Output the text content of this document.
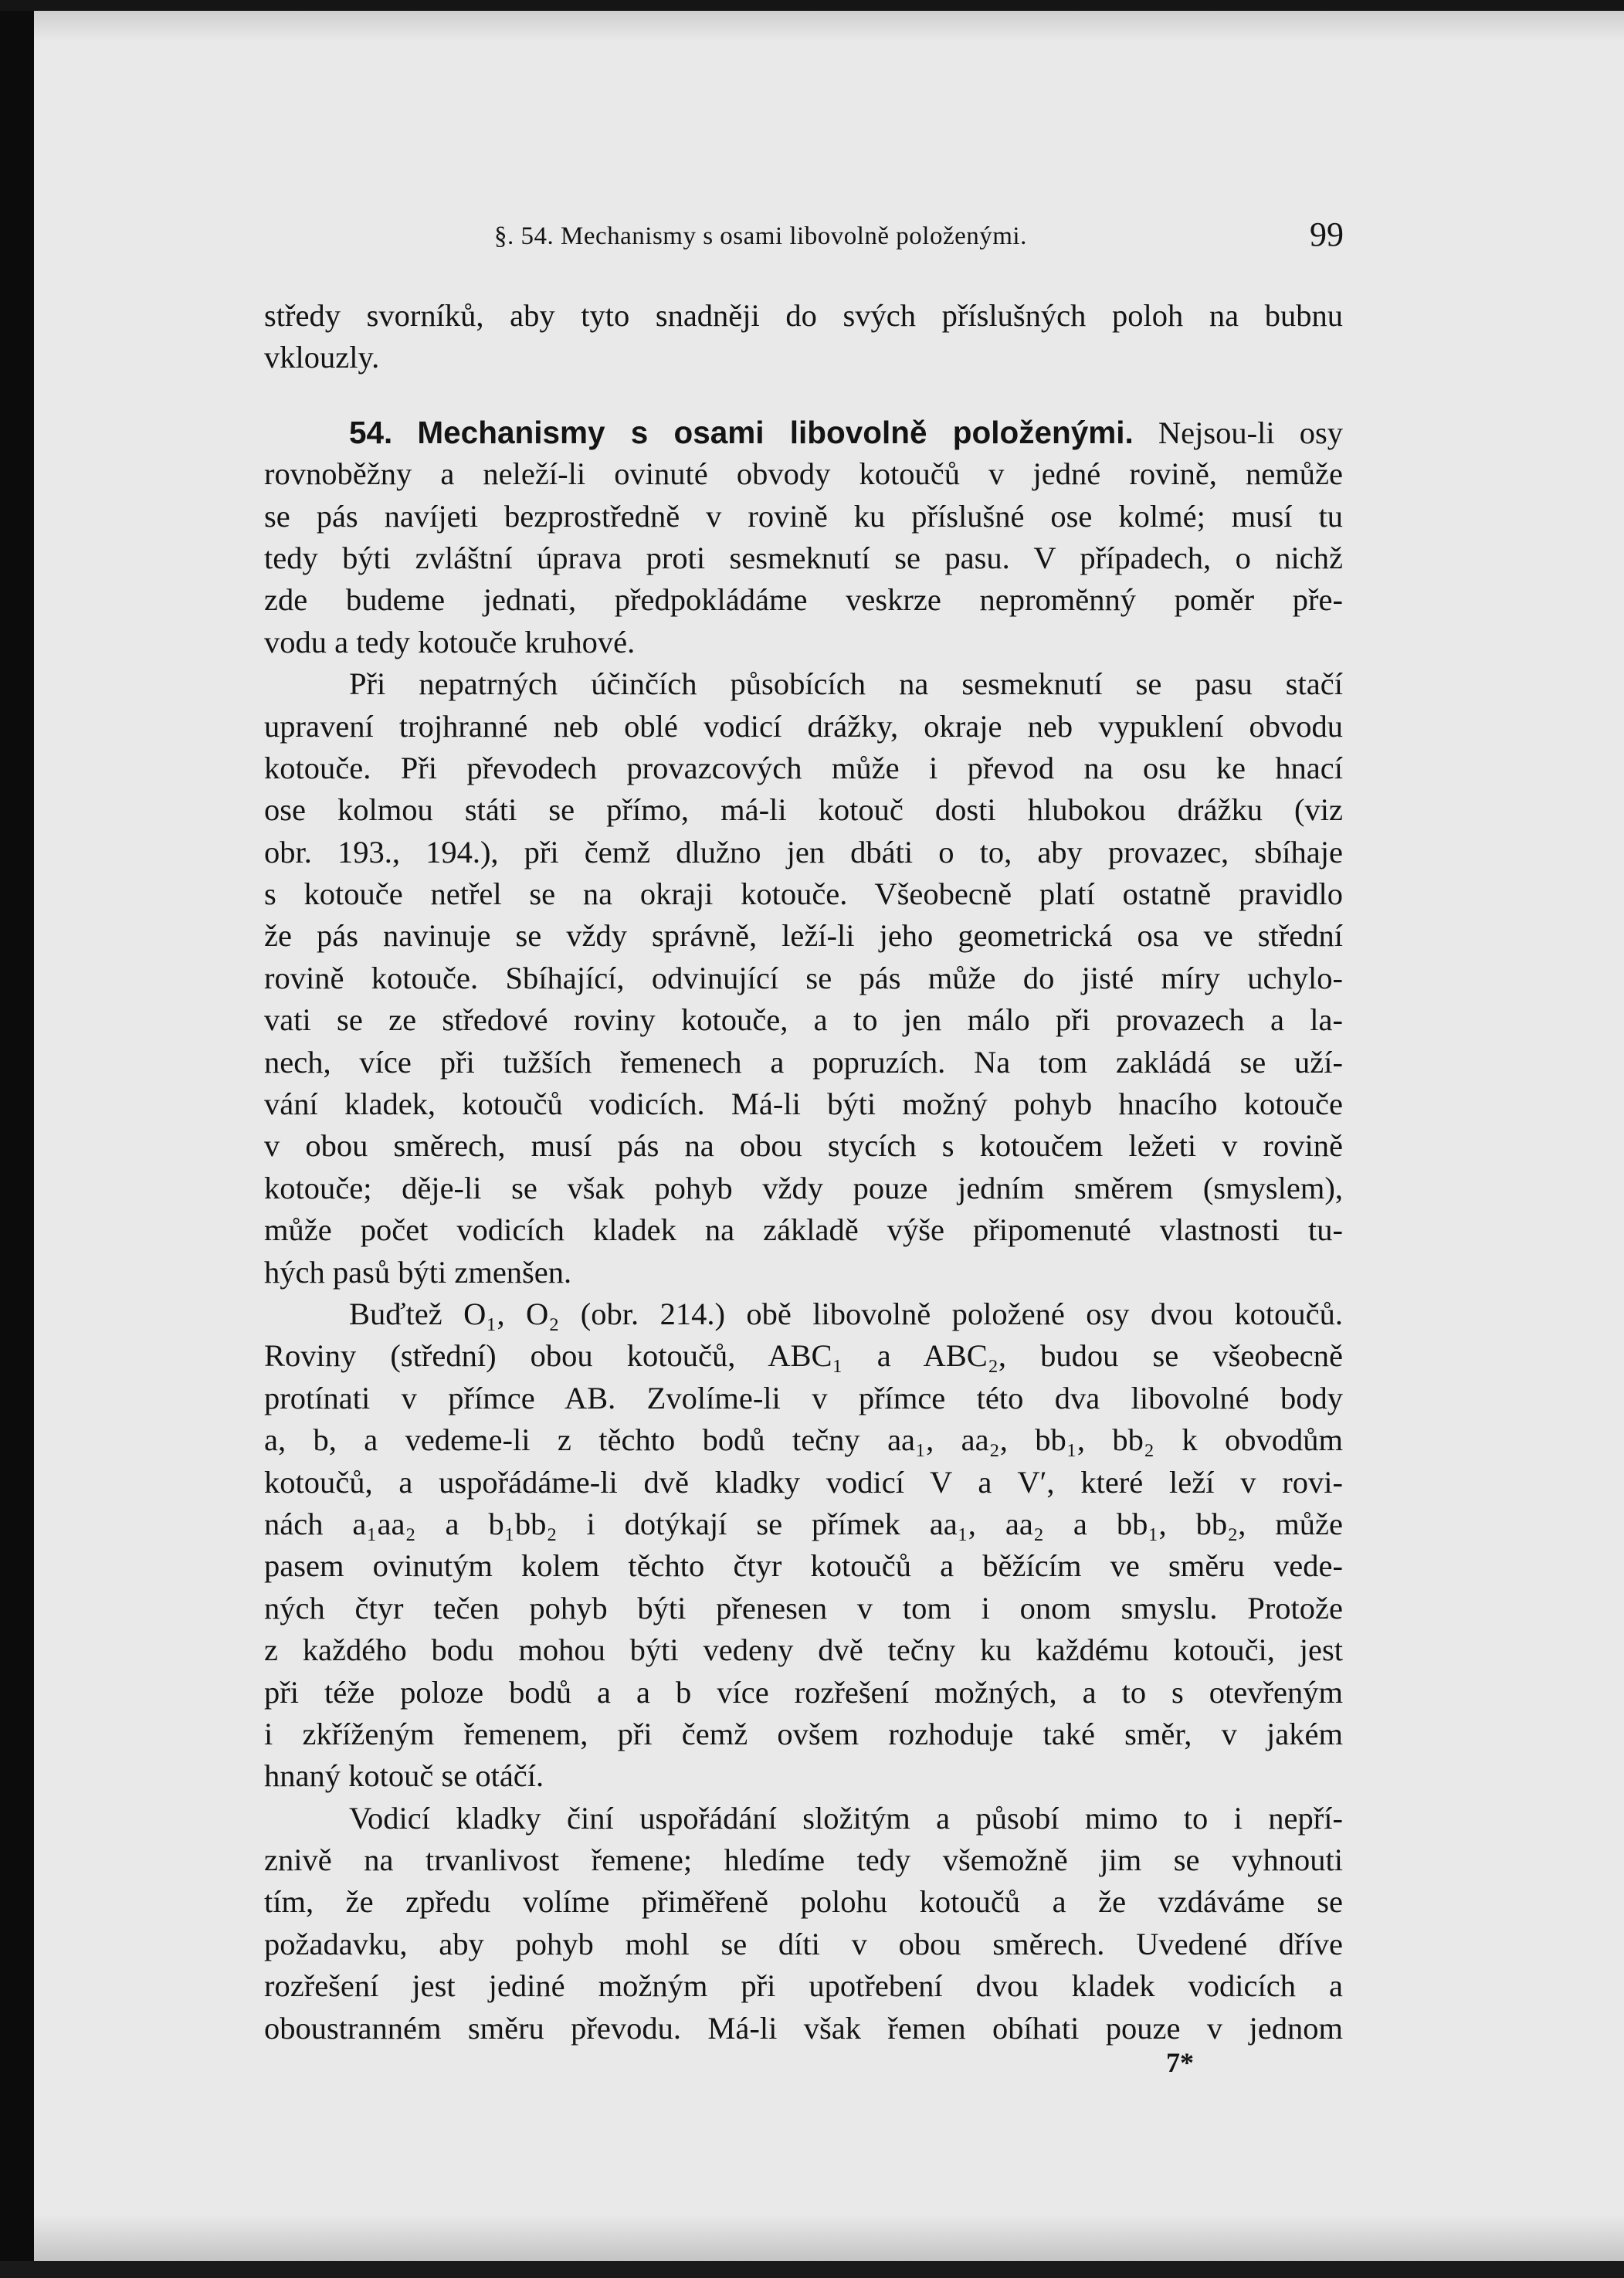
§. 54. Mechanismy s osami libovolně položenými.	99
středy svorníků, aby tyto snadněji do svých příslušných poloh na bubnu
vklouzly.
54. Mechanismy s osami libovolně položenými. Nejsou-li osy
rovnoběžny a neleží-li ovinuté obvody kotoučů v jedné rovině, nemůže
se pás navíjeti bezprostředně v rovině ku příslušné ose kolmé; musí tu
tedy býti zvláštní úprava proti sesmeknutí se pasu. V případech, o nichž
zde budeme jednati, předpokládáme veskrze nepromĕnný poměr pře-
vodu a tedy kotouče kruhové.
Při nepatrných účinčích působících na sesmeknutí se pasu stačí
upravení trojhranné neb oblé vodicí drážky, okraje neb vypuklení obvodu
kotouče. Při převodech provazcových může i převod na osu ke hnací
ose kolmou státi se přímo, má-li kotouč dosti hlubokou drážku (viz
obr. 193., 194.), při čemž dlužno jen dbáti o to, aby provazec, sbíhaje
s kotouče netřel se na okraji kotouče. Všeobecně platí ostatně pravidlo
že pás navinuje se vždy správně, leží-li jeho geometrická osa ve střední
rovině kotouče. Sbíhající, odvinující se pás může do jisté míry uchylo-
vati se ze středové roviny kotouče, a to jen málo při provazech a la-
nech, více při tužších řemenech a popruzích. Na tom zakládá se uží-
vání kladek, kotoučů vodicích. Má-li býti možný pohyb hnacího kotouče
v obou směrech, musí pás na obou stycích s kotoučem ležeti v rovině
kotouče; děje-li se však pohyb vždy pouze jedním směrem (smyslem),
může počet vodicích kladek na základě výše připomenuté vlastnosti tu-
hých pasů býti zmenšen.
Buďtež O₁, O₂ (obr. 214.) obě libovolně položené osy dvou kotoučů.
Roviny (střední) obou kotoučů, ABC₁ a ABC₂, budou se všeobecně
protínati v přímce AB. Zvolíme-li v přímce této dva libovolné body
a, b, a vedeme-li z těchto bodů tečny aa₁, aa₂, bb₁, bb₂ k obvodům
kotoučů, a uspořádáme-li dvě kladky vodicí V a V′, které leží v rovi-
nách a₁aa₂ a b₁bb₂ i dotýkají se přímek aa₁, aa₂ a bb₁, bb₂, může
pasem ovinutým kolem těchto čtyr kotoučů a běžícím ve směru vede-
ných čtyr tečen pohyb býti přenesen v tom i onom smyslu. Protože
z každého bodu mohou býti vedeny dvě tečny ku každému kotouči, jest
při téže poloze bodů a a b více rozřešení možných, a to s otevřeným
i zkříženým řemenem, při čemž ovšem rozhoduje také směr, v jakém
hnaný kotouč se otáčí.
Vodicí kladky činí uspořádání složitým a působí mimo to i nepří-
znivě na trvanlivost řemene; hledíme tedy všemožně jim se vyhnouti
tím, že zpředu volíme přiměřeně polohu kotoučů a že vzdáváme se
požadavku, aby pohyb mohl se díti v obou směrech. Uvedené dříve
rozřešení jest jediné možným při upotřebení dvou kladek vodicích a
oboustranném směru převodu. Má-li však řemen obíhati pouze v jednom
7*
